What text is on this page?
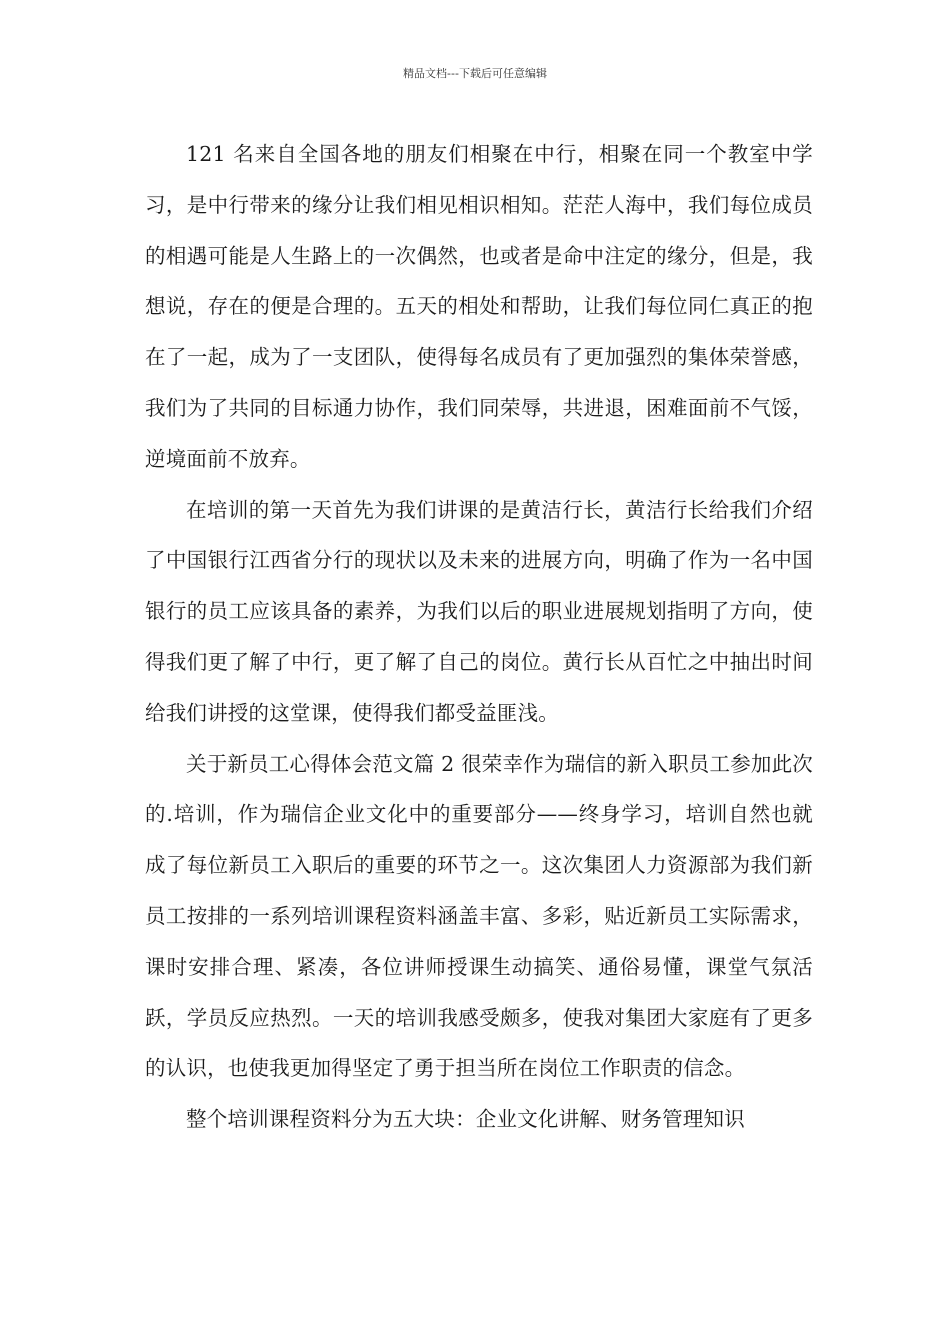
精品文档---下载后可任意编辑

121 名来自全国各地的朋友们相聚在中行，相聚在同一个教室中学习，是中行带来的缘分让我们相见相识相知。茫茫人海中，我们每位成员的相遇可能是人生路上的一次偶然，也或者是命中注定的缘分，但是，我想说，存在的便是合理的。五天的相处和帮助，让我们每位同仁真正的抱在了一起，成为了一支团队，使得每名成员有了更加强烈的集体荣誉感，我们为了共同的目标通力协作，我们同荣辱，共进退，困难面前不气馁，逆境面前不放弃。

在培训的第一天首先为我们讲课的是黄洁行长，黄洁行长给我们介绍了中国银行江西省分行的现状以及未来的进展方向，明确了作为一名中国银行的员工应该具备的素养，为我们以后的职业进展规划指明了方向，使得我们更了解了中行，更了解了自己的岗位。黄行长从百忙之中抽出时间给我们讲授的这堂课，使得我们都受益匪浅。

关于新员工心得体会范文篇 2 很荣幸作为瑞信的新入职员工参加此次的.培训，作为瑞信企业文化中的重要部分——终身学习，培训自然也就成了每位新员工入职后的重要的环节之一。这次集团人力资源部为我们新员工按排的一系列培训课程资料涵盖丰富、多彩，贴近新员工实际需求，课时安排合理、紧凑，各位讲师授课生动搞笑、通俗易懂，课堂气氛活跃，学员反应热烈。一天的培训我感受颇多，使我对集团大家庭有了更多的认识，也使我更加得坚定了勇于担当所在岗位工作职责的信念。

整个培训课程资料分为五大块：企业文化讲解、财务管理知识
